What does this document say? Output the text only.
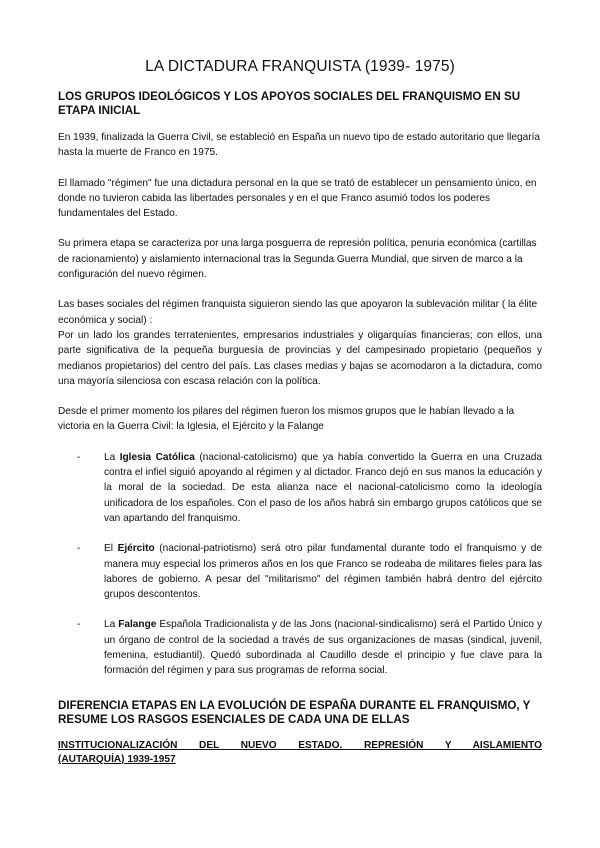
LA DICTADURA FRANQUISTA (1939- 1975)
LOS GRUPOS IDEOLÓGICOS Y LOS APOYOS SOCIALES DEL FRANQUISMO EN SU ETAPA INICIAL

En 1939, finalizada la Guerra Civil, se estableció en España un nuevo tipo de estado autoritario que llegaría hasta la muerte de Franco en 1975.

El llamado "régimen" fue una dictadura personal en la que se trató de establecer un pensamiento único, en donde no tuvieron cabida las libertades personales y en el que Franco asumió todos los poderes fundamentales del Estado.

Su primera etapa se caracteriza por una larga posguerra de represión política, penuria económica (cartillas de racionamiento) y aislamiento internacional tras la Segunda Guerra Mundial, que sirven de marco a la configuración del nuevo régimen.

Las bases sociales del régimen franquista siguieron siendo las que apoyaron la sublevación militar ( la élite económica y social) :

Por un lado los grandes terratenientes, empresarios industriales y oligarquías financieras; con ellos, una parte significativa de la pequeña burguesía de provincias y del campesinado propietario (pequeños y medianos propietarios) del centro del país. Las clases medias y bajas se acomodaron a la dictadura, como una mayoría silenciosa con escasa relación con la política.

Desde el primer momento los pilares del régimen fueron los mismos grupos que le habían llevado a la victoria en la Guerra Civil: la Iglesia, el Ejército y la Falange

- La Iglesia Católica (nacional-catolicismo) que ya había convertido la Guerra en una Cruzada contra el infiel siguió apoyando al régimen y al dictador. Franco dejó en sus manos la educación y la moral de la sociedad. De esta alianza nace el nacional-catolicismo como la ideología unificadora de los españoles. Con el paso de los años habrá sin embargo grupos católicos que se van apartando del franquismo.
- El Ejército (nacional-patriotismo) será otro pilar fundamental durante todo el franquismo y de manera muy especial los primeros años en los que Franco se rodeaba de militares fieles para las labores de gobierno. A pesar del "militarismo" del régimen también habrá dentro del ejército grupos descontentos.
- La Falange Española Tradicionalista y de las Jons (nacional-sindicalismo) será el Partido Único y un órgano de control de la sociedad a través de sus organizaciones de masas (sindical, juvenil, femenina, estudiantil). Quedó subordinada al Caudillo desde el principio y fue clave para la formación del régimen y para sus programas de reforma social.
DIFERENCIA ETAPAS EN LA EVOLUCIÓN DE ESPAÑA DURANTE EL FRANQUISMO, Y RESUME LOS RASGOS ESENCIALES DE CADA UNA DE ELLAS
INSTITUCIONALIZACIÓN DEL NUEVO ESTADO. REPRESIÓN Y AISLAMIENTO
(AUTARQUÍA) 1939-1957
